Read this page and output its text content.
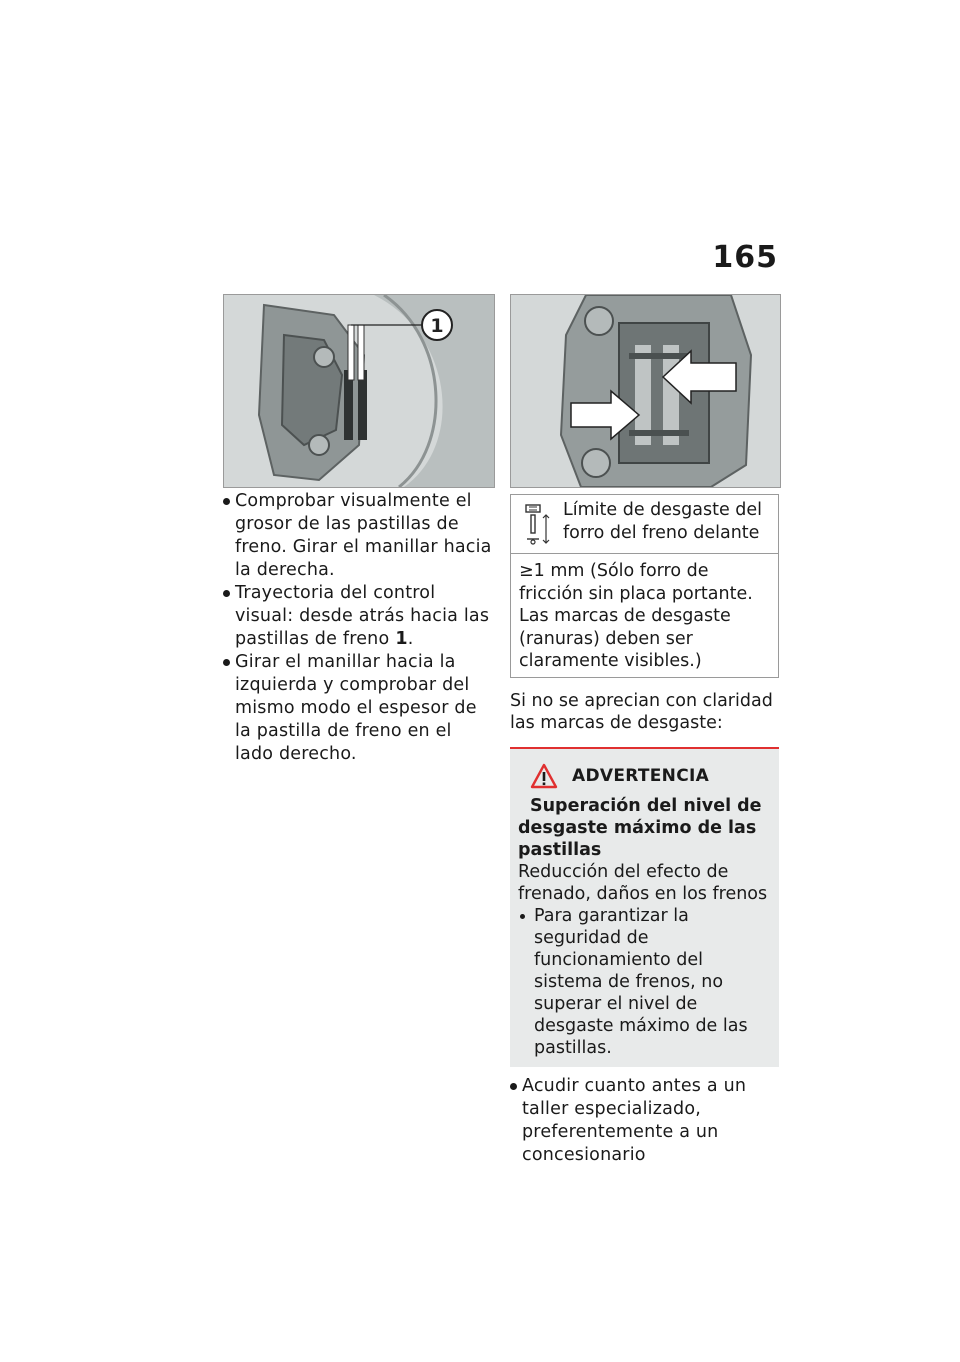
165
1
Comprobar visualmente el grosor de las pastillas de freno. Girar el manillar hacia la derecha.
Trayectoria del control visual: desde atrás hacia las pastillas de freno 1.
Girar el manillar hacia la izquierda y comprobar del mismo modo el espesor de la pastilla de freno en el lado derecho.
Límite de desgaste del forro del freno delante
≥1 mm (Sólo forro de fricción sin placa portante. Las marcas de desgaste (ranuras) deben ser claramente visibles.)
Si no se aprecian con claridad las marcas de desgaste:
ADVERTENCIA
Superación del nivel de desgaste máximo de las pastillas
Reducción del efecto de frenado, daños en los frenos
Para garantizar la seguridad de funcionamiento del sistema de frenos, no superar el nivel de desgaste máximo de las pastillas.
Acudir cuanto antes a un taller especializado, preferentemente a un concesionario
